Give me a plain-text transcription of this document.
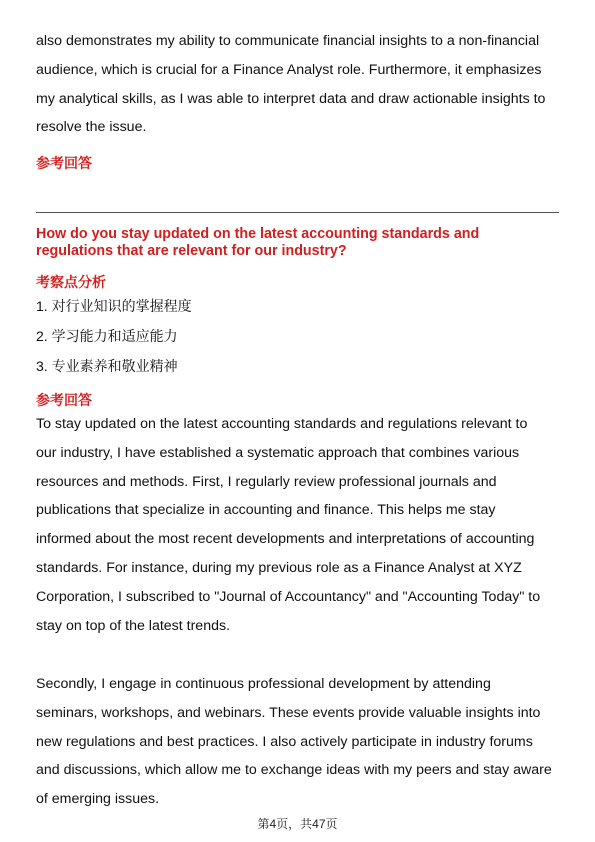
also demonstrates my ability to communicate financial insights to a non-financial
audience, which is crucial for a Finance Analyst role. Furthermore, it emphasizes
my analytical skills, as I was able to interpret data and draw actionable insights to
resolve the issue.

参考回答

How do you stay updated on the latest accounting standards and
regulations that are relevant for our industry?

考察点分析
1. 对行业知识的掌握程度
2. 学习能力和适应能力
3. 专业素养和敬业精神
参考回答

To stay updated on the latest accounting standards and regulations relevant to
our industry, I have established a systematic approach that combines various
resources and methods. First, I regularly review professional journals and
publications that specialize in accounting and finance. This helps me stay
informed about the most recent developments and interpretations of accounting
standards. For instance, during my previous role as a Finance Analyst at XYZ
Corporation, I subscribed to "Journal of Accountancy" and "Accounting Today" to
stay on top of the latest trends.

Secondly, I engage in continuous professional development by attending
seminars, workshops, and webinars. These events provide valuable insights into
new regulations and best practices. I also actively participate in industry forums
and discussions, which allow me to exchange ideas with my peers and stay aware
of emerging issues.

第4页，共47页
